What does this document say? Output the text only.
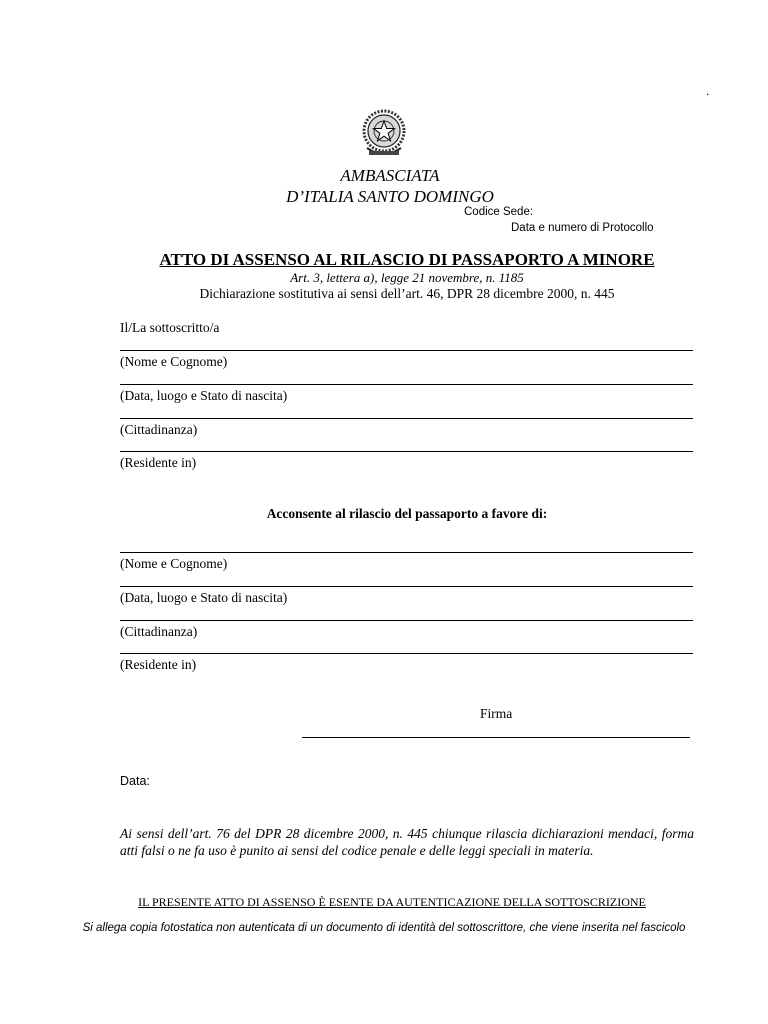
.
AMBASCIATA
D’ITALIA SANTO DOMINGO
Codice Sede:
Data e numero di Protocollo
ATTO DI ASSENSO AL RILASCIO DI PASSAPORTO A MINORE
Art. 3, lettera a), legge 21 novembre, n. 1185
Dichiarazione sostitutiva ai sensi dell’art. 46, DPR 28 dicembre 2000, n. 445
Il/La sottoscritto/a
(Nome e Cognome)
(Data, luogo e Stato di nascita)
(Cittadinanza)
(Residente in)
Acconsente al rilascio del passaporto a favore di:
(Nome e Cognome)
(Data, luogo e Stato di nascita)
(Cittadinanza)
(Residente in)
Firma
Data:
Ai sensi dell’art. 76 del DPR 28 dicembre 2000, n. 445 chiunque rilascia dichiarazioni mendaci, forma atti falsi o ne fa uso è punito ai sensi del codice penale e delle leggi speciali in materia.
IL PRESENTE ATTO DI ASSENSO È ESENTE DA AUTENTICAZIONE DELLA SOTTOSCRIZIONE
Si allega copia fotostatica non autenticata di un documento di identità del sottoscrittore, che viene inserita nel fascicolo
